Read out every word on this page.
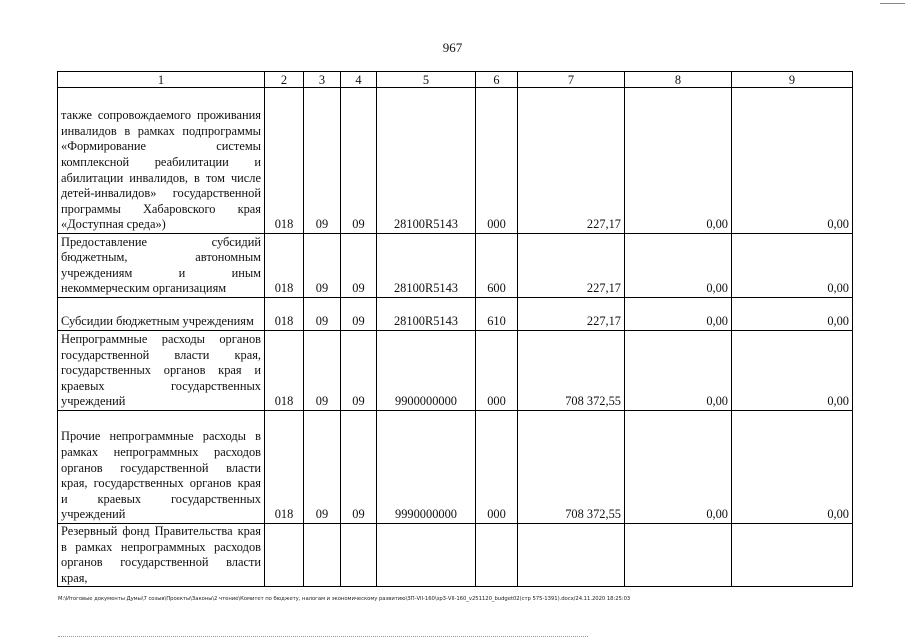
967
1	2	3	4	5	6	7	8	9
также сопровождаемого проживания инвалидов в рамках подпрограммы «Формирование системы комплексной реабилитации и абилитации инвалидов, в том числе детей-инвалидов» государственной программы Хабаровского края «Доступная среда»)	018	09	09	28100R5143	000	227,17	0,00	0,00
Предоставление субсидий бюджетным, автономным учреждениям и иным некоммерческим организациям	018	09	09	28100R5143	600	227,17	0,00	0,00
Субсидии бюджетным учреждениям	018	09	09	28100R5143	610	227,17	0,00	0,00
Непрограммные расходы органов государственной власти края, государственных органов края и краевых государственных учреждений	018	09	09	9900000000	000	708 372,55	0,00	0,00
Прочие непрограммные расходы в рамках непрограммных расходов органов государственной власти края, государственных органов края и краевых государственных учреждений	018	09	09	9990000000	000	708 372,55	0,00	0,00
Резервный фонд Правительства края в рамках непрограммных расходов органов государственной власти края,								
M:\Итоговые документы Думы\7 созыв\Проекты\Законы\2 чтение\Комитет по бюджету, налогам и экономическому развитию\ЗП-VII-160\зр3-VII-160_v251120_budget02(стр 575-1391).docx/24.11.2020 18:25:03
